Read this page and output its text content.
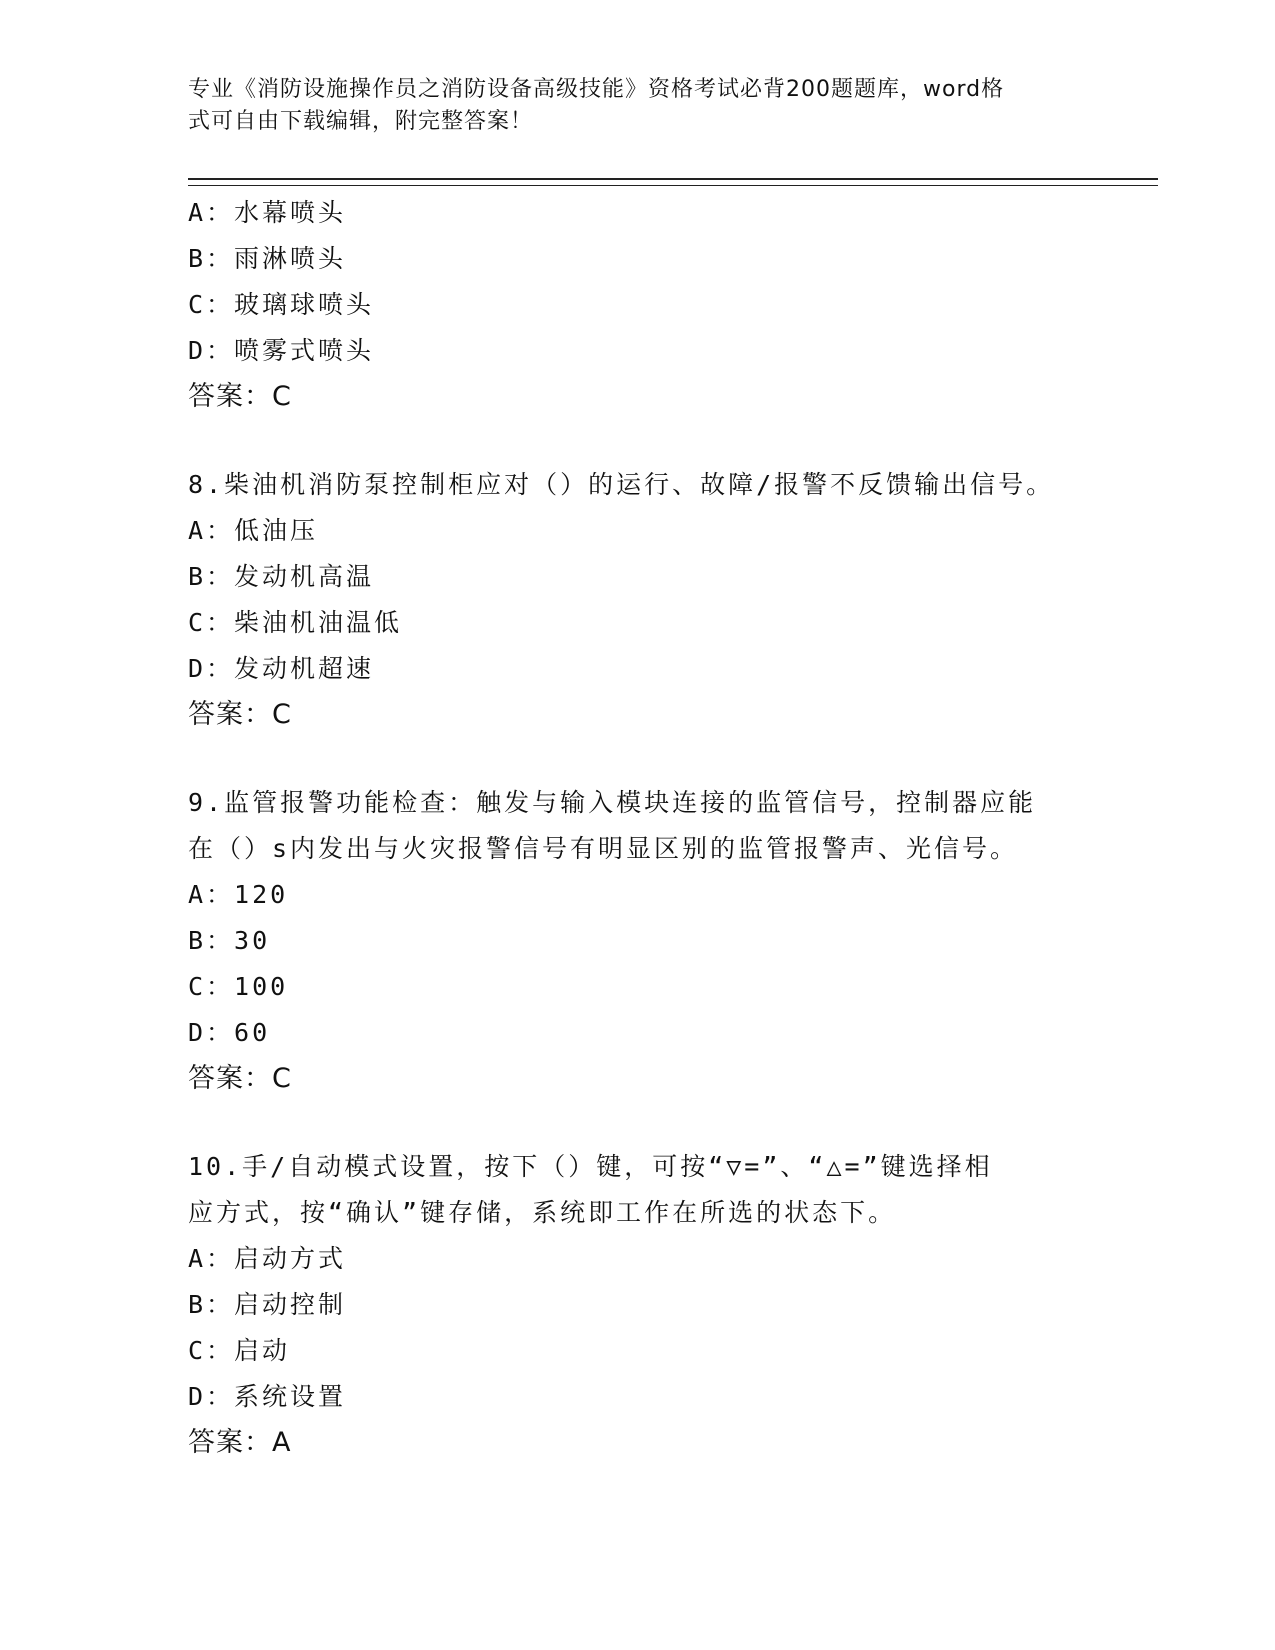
专业《消防设施操作员之消防设备高级技能》资格考试必背200题题库，word格
式可自由下载编辑，附完整答案！
A：水幕喷头
B：雨淋喷头
C：玻璃球喷头
D：喷雾式喷头
答案：C
8.柴油机消防泵控制柜应对（）的运行、故障/报警不反馈输出信号。
A：低油压
B：发动机高温
C：柴油机油温低
D：发动机超速
答案：C
9.监管报警功能检查：触发与输入模块连接的监管信号，控制器应能
在（）s内发出与火灾报警信号有明显区别的监管报警声、光信号。
A：120
B：30
C：100
D：60
答案：C
10.手/自动模式设置，按下（）键，可按“▽=”、“△=”键选择相
应方式，按“确认”键存储，系统即工作在所选的状态下。
A：启动方式
B：启动控制
C：启动
D：系统设置
答案：A
